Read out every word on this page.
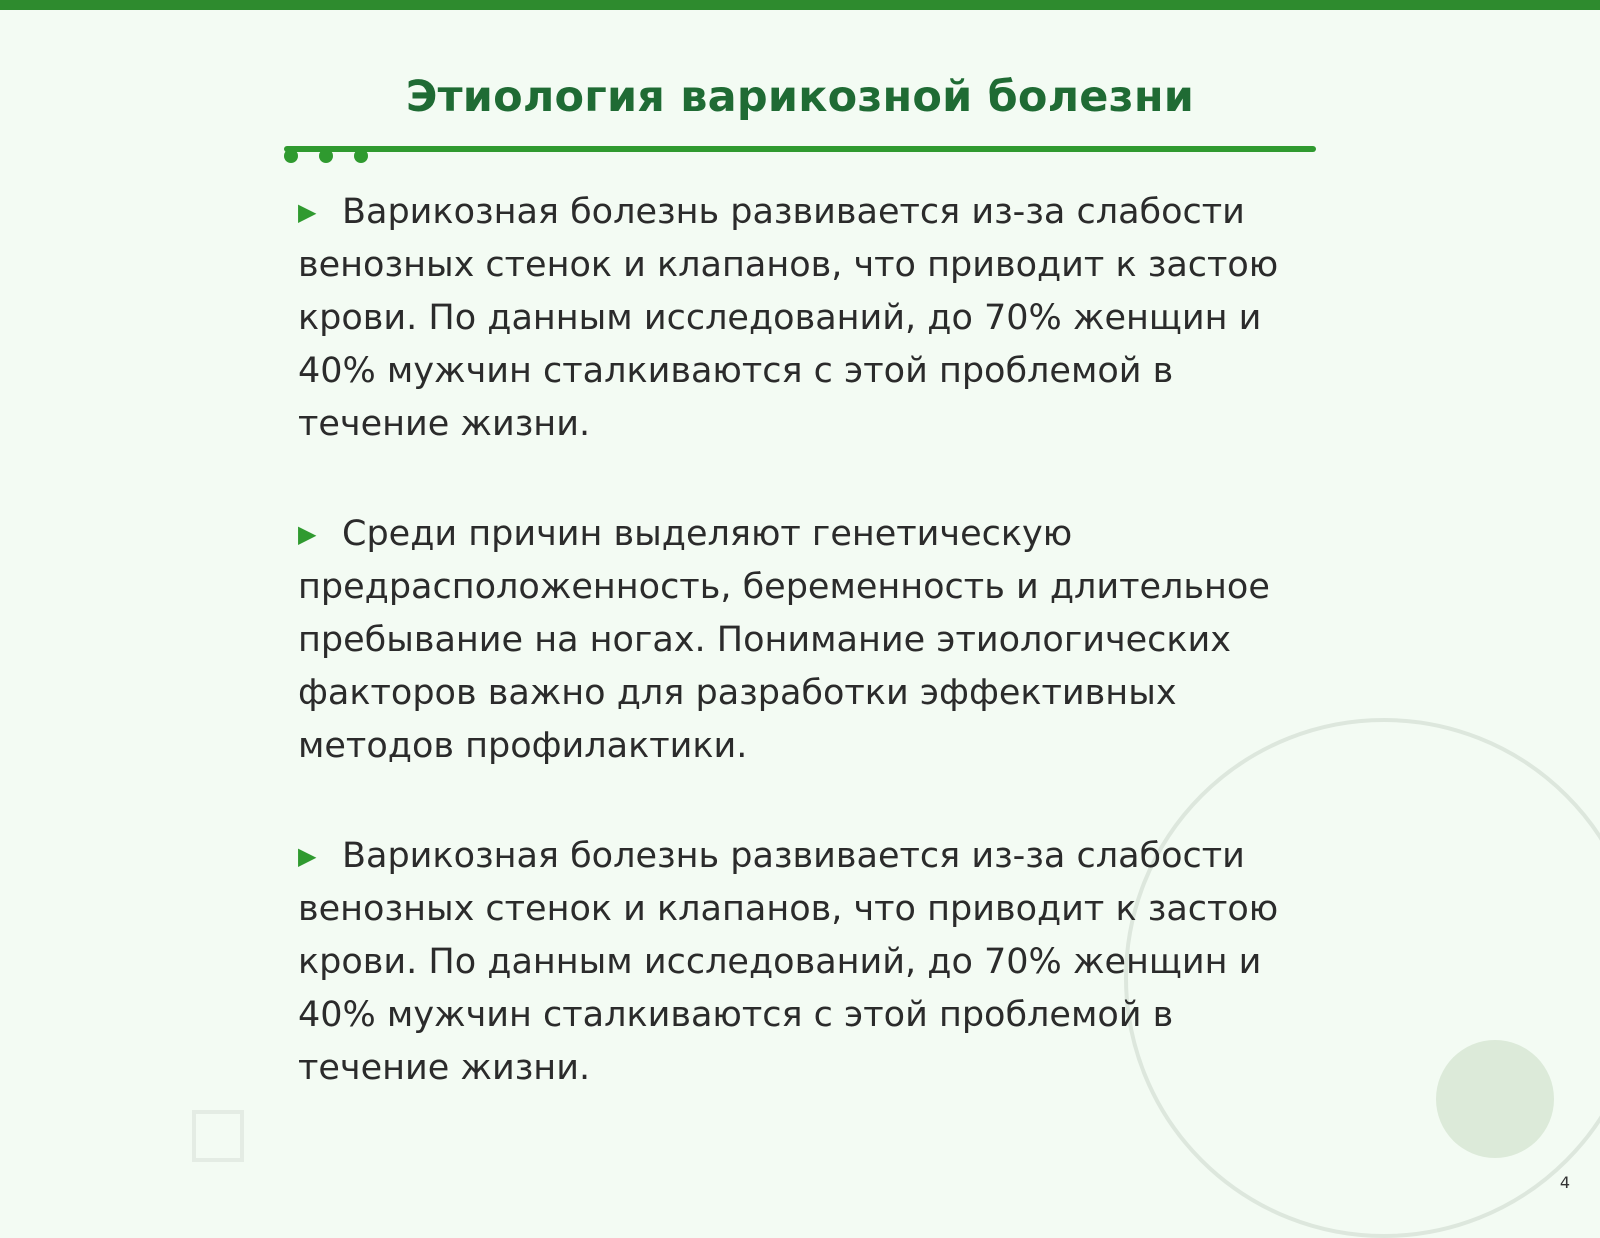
Этиология варикозной болезни

▶ Варикозная болезнь развивается из-за слабости венозных стенок и клапанов, что приводит к застою крови. По данным исследований, до 70% женщин и 40% мужчин сталкиваются с этой проблемой в течение жизни.

▶ Среди причин выделяют генетическую предрасположенность, беременность и длительное пребывание на ногах. Понимание этиологических факторов важно для разработки эффективных методов профилактики.

▶ Варикозная болезнь развивается из-за слабости венозных стенок и клапанов, что приводит к застою крови. По данным исследований, до 70% женщин и 40% мужчин сталкиваются с этой проблемой в течение жизни.

4
